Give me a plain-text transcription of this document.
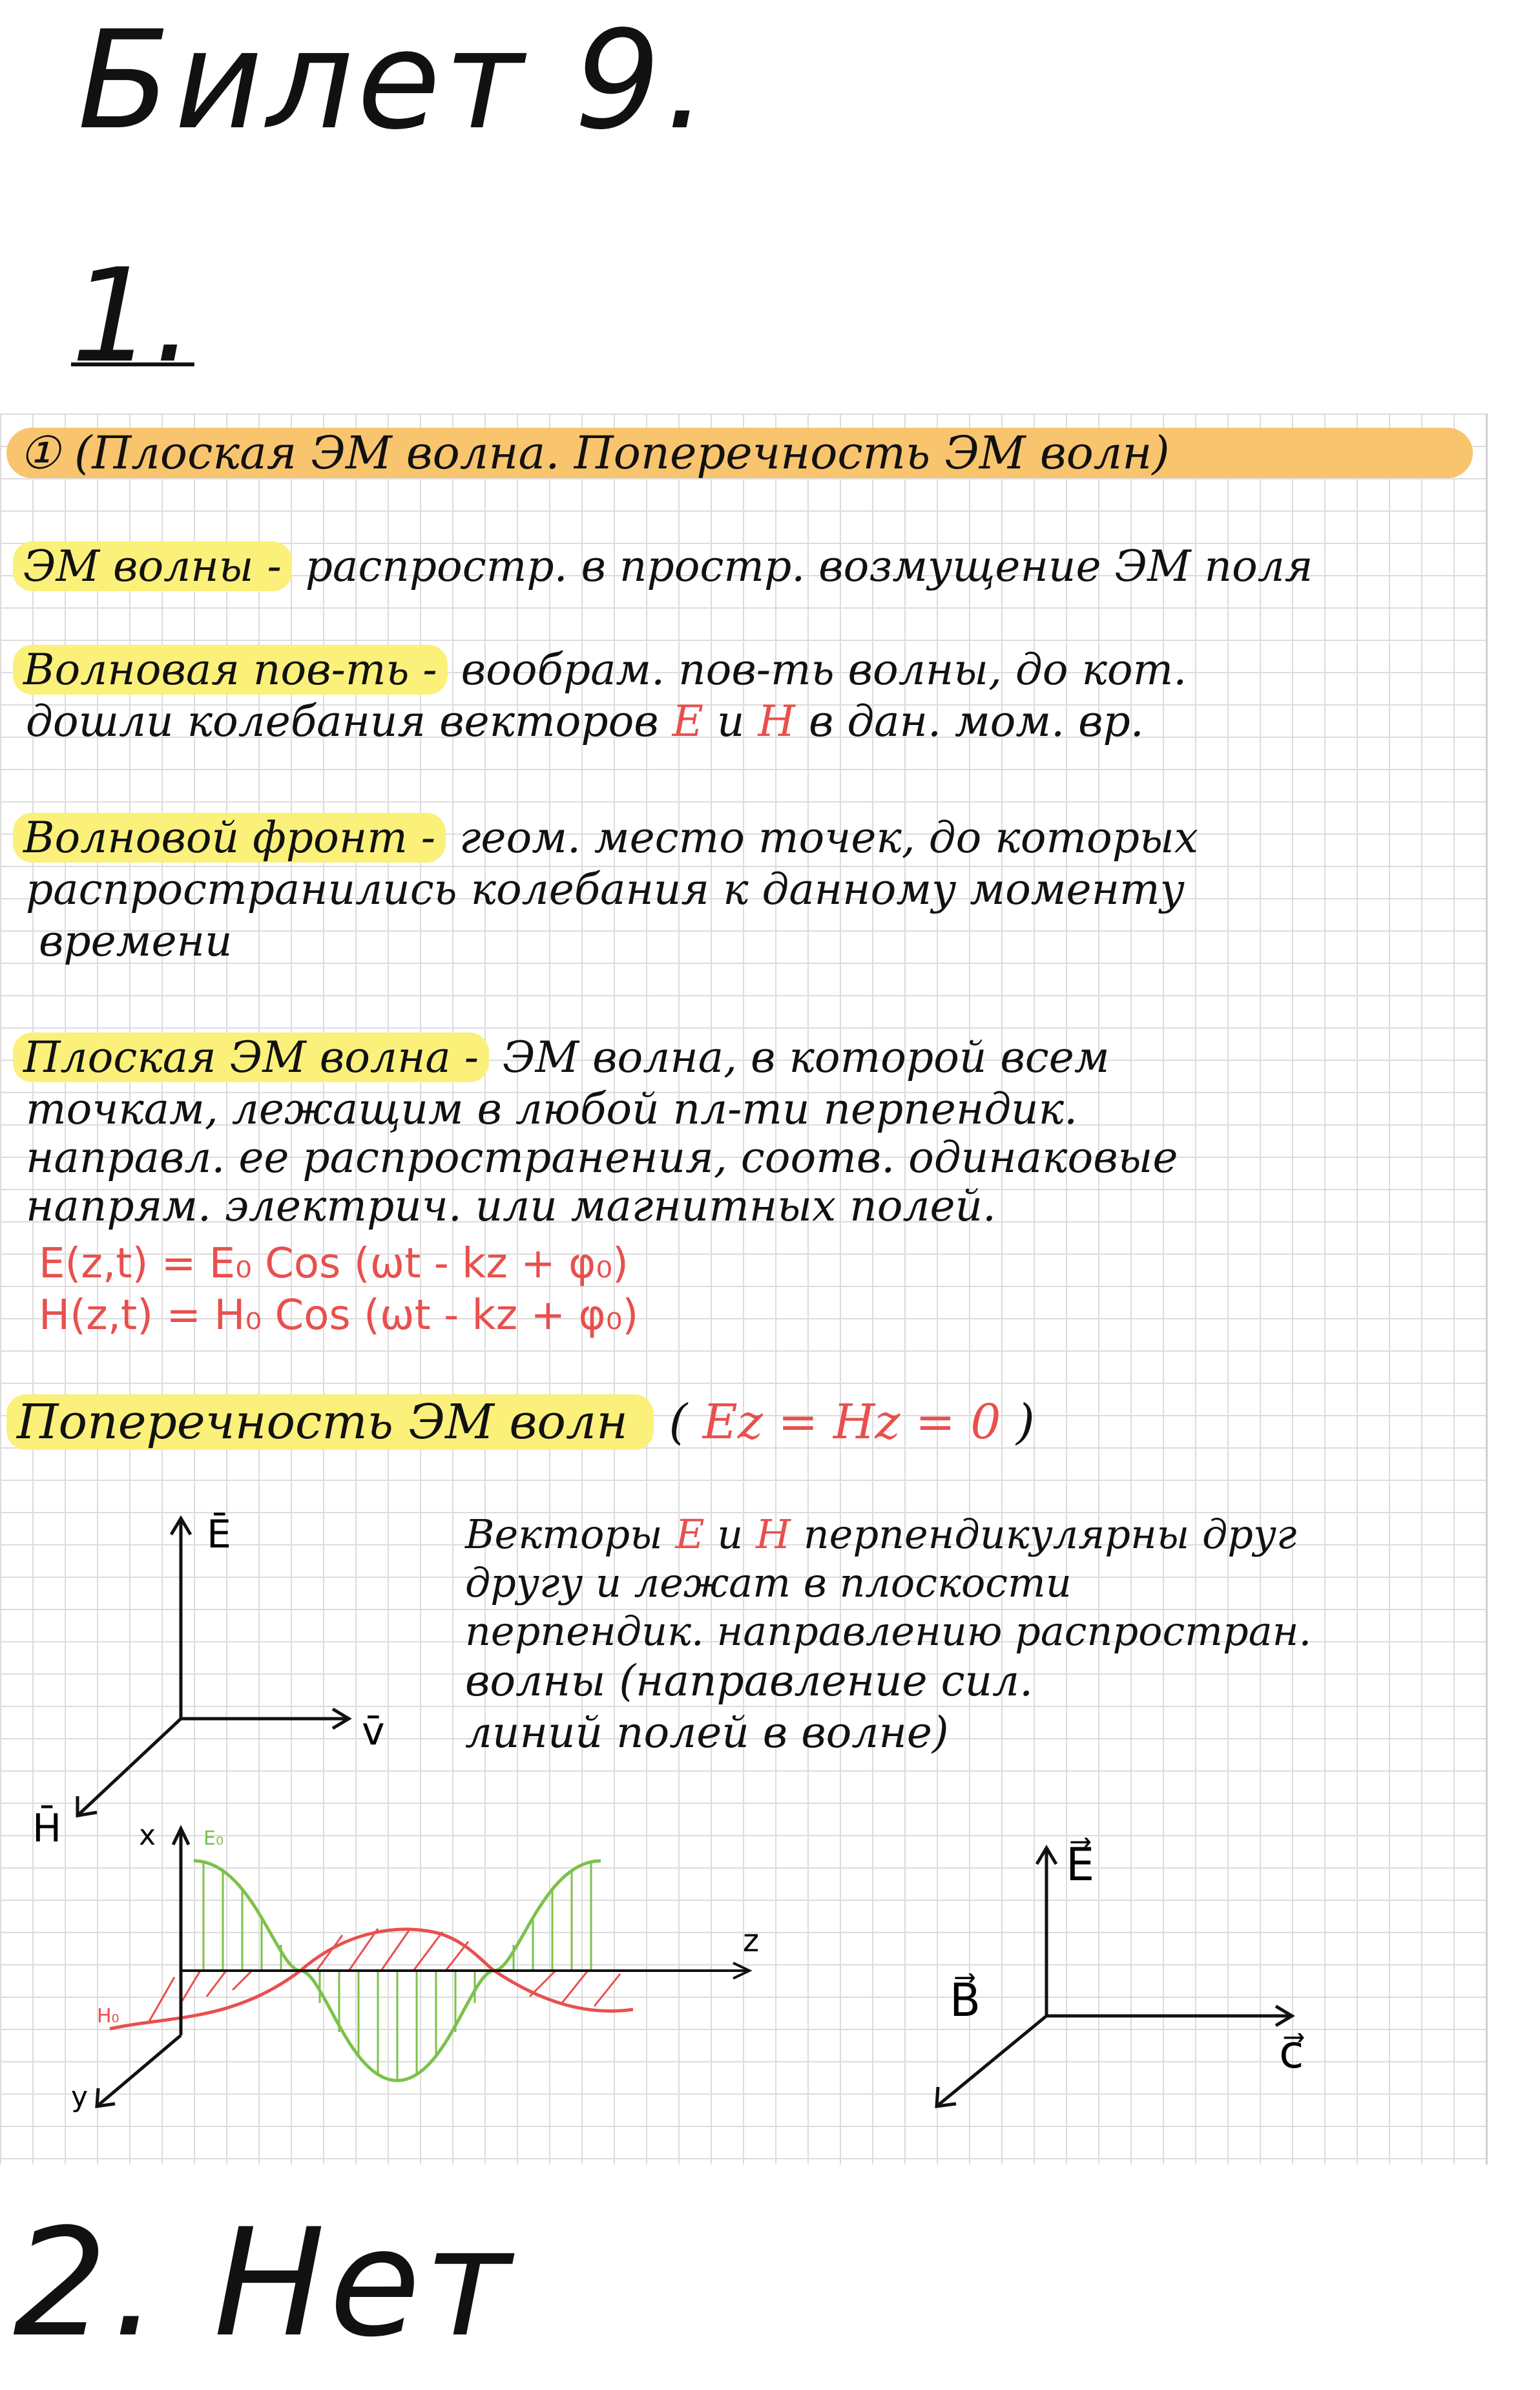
Билет 9.
1.
① (Плоская ЭМ волна. Поперечность ЭМ волн)
ЭМ волны - распростр. в простр. возмущение ЭМ поля
Волновая пов-ть - вообрам. пов-ть волны, до кот.
дошли колебания векторов E и H в дан. мом. вр.
Волновой фронт - геом. место точек, до которых
распространились колебания к данному моменту
времени
Плоская ЭМ волна - ЭМ волна, в которой всем
точкам, лежащим в любой пл-ти перпендик.
направл. ее распространения, соотв. одинаковые
напрям. электрич. или магнитных полей.
E(z,t) = E₀ Cos (ωt - kz + φ₀)
H(z,t) = H₀ Cos (ωt - kz + φ₀)
Поперечность ЭМ волн ( Ez = Hz = 0 )
Векторы E и H перпендикулярны друг
другу и лежат в плоскости
перпендик. направлению распростран.
волны (направление сил.
линий полей в волне)
Ē
v̄
H̄	x E₀
z
H₀
y
E⃗
B⃗
c⃗
2. Нет
